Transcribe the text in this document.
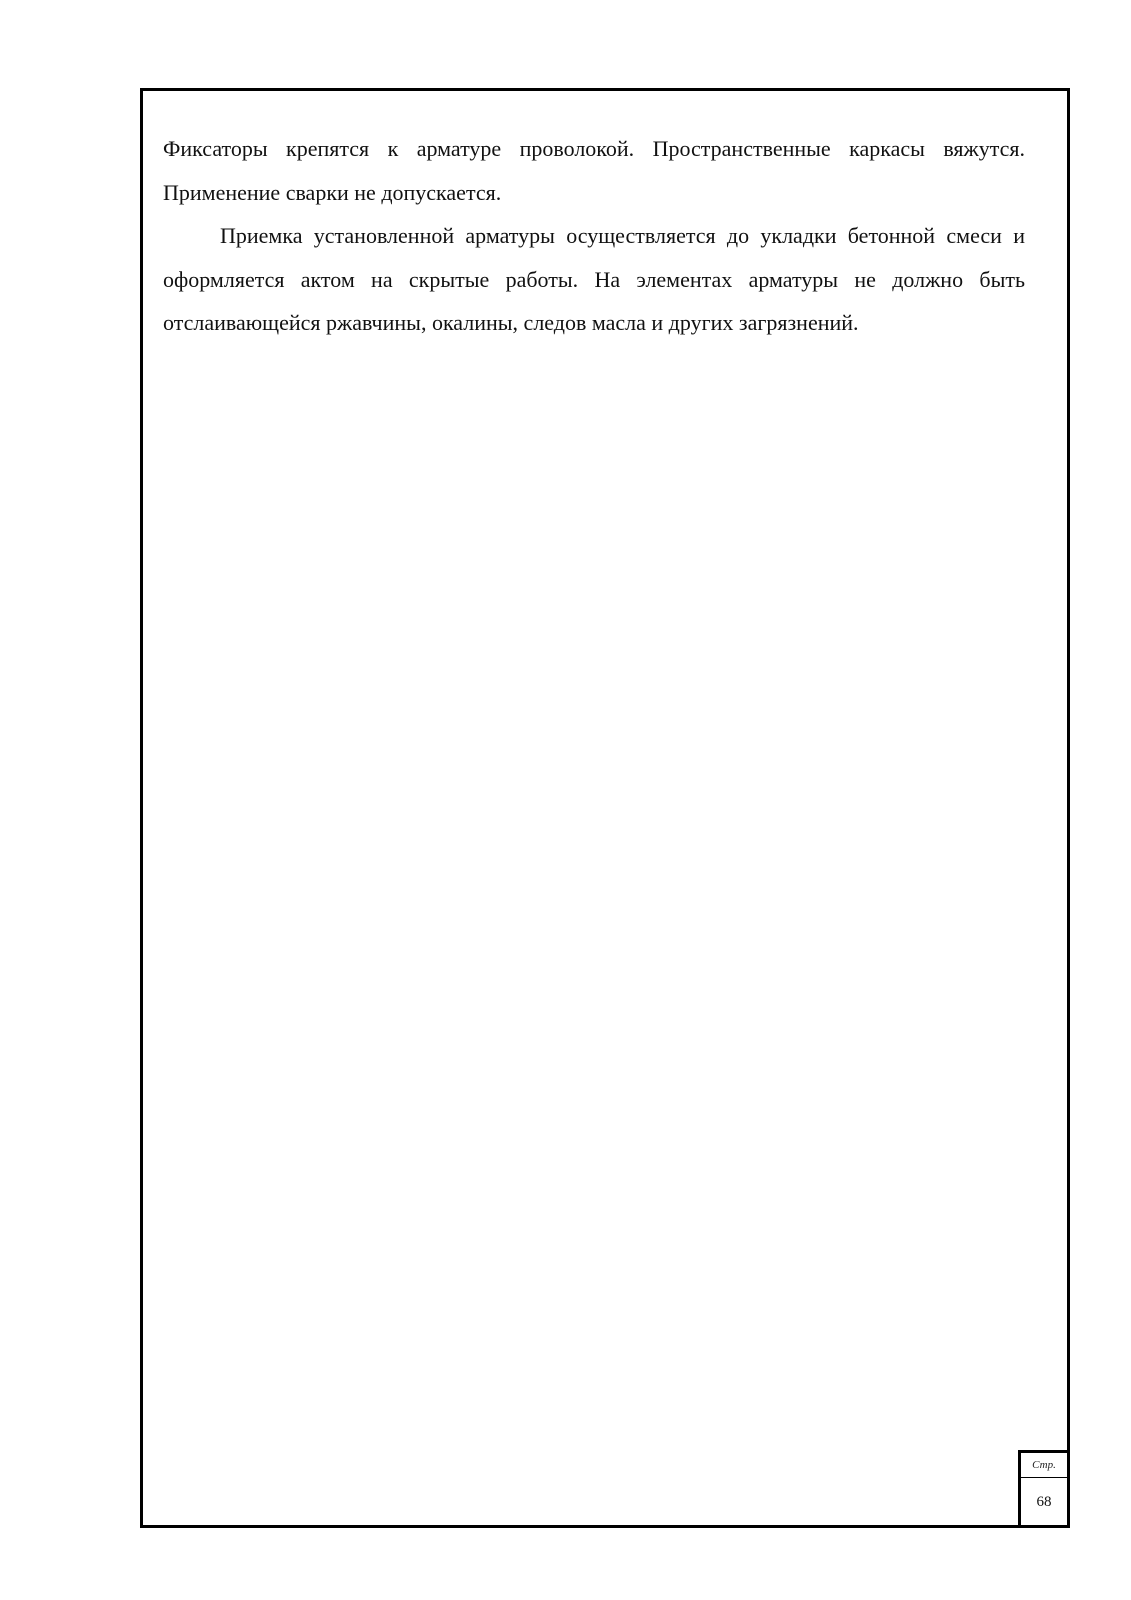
Фиксаторы крепятся к арматуре проволокой. Пространственные каркасы вяжутся. Применение сварки не допускается.

Приемка установленной арматуры осуществляется до укладки бетонной смеси и оформляется актом на скрытые работы. На элементах арматуры не должно быть отслаивающейся ржавчины, окалины, следов масла и других загрязнений.

Стр.
68
